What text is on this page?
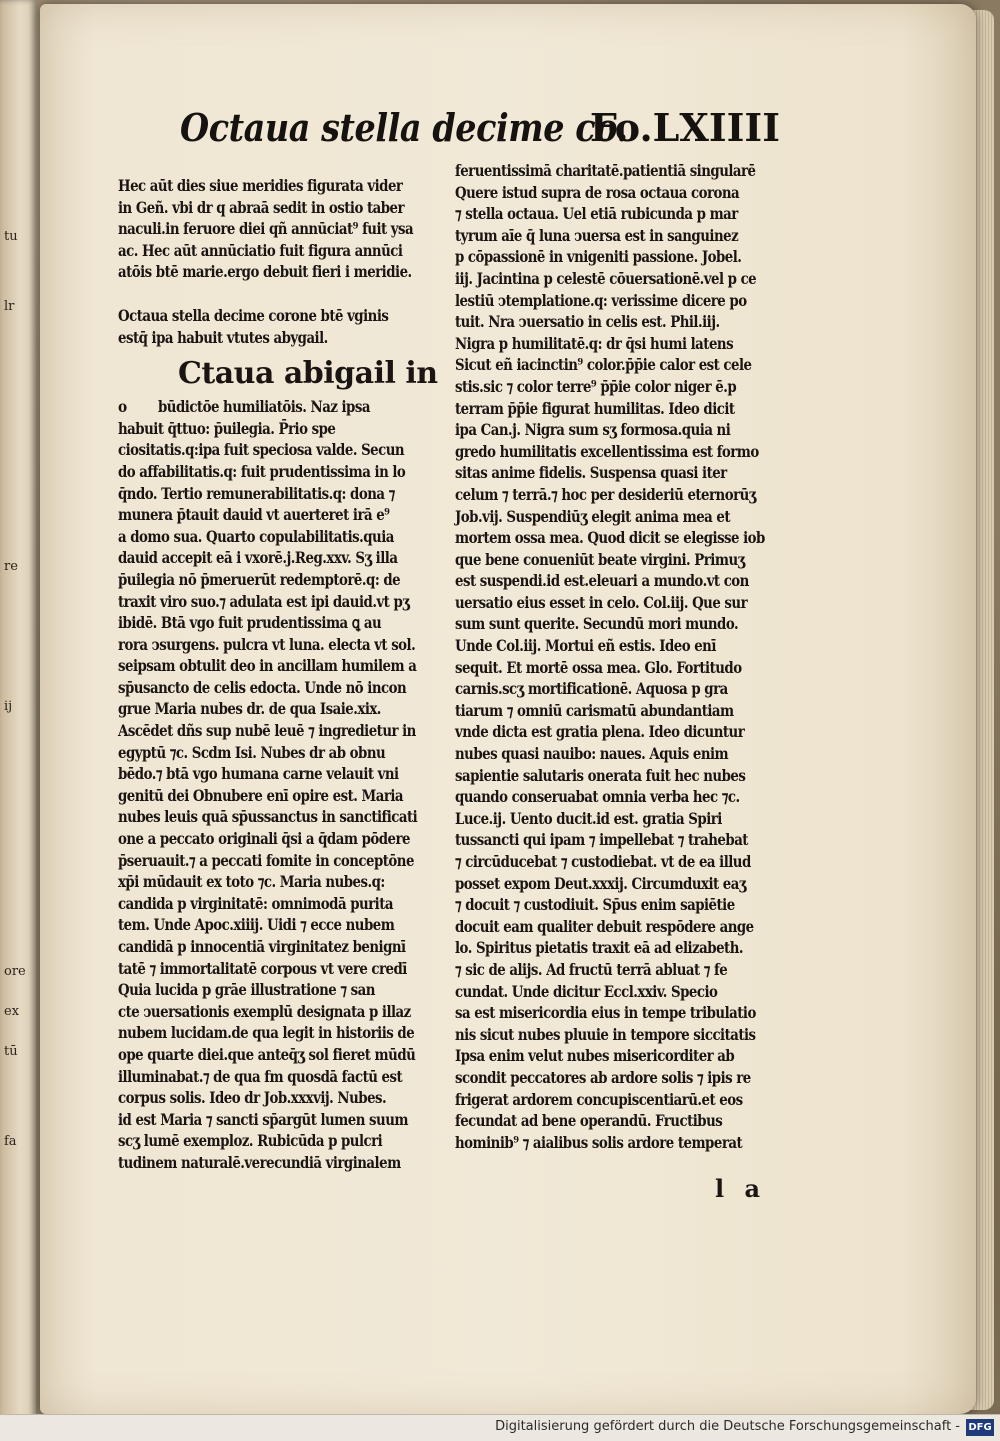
tu
lr
re
ij
ore
ex
tū
fa
Octaua stella decime co.
Fo.LXIIII
Hec aūt dies siue meridies figurata vider
in Geñ. vbi dr q abraā sedit in ostio taber
naculi.in feruore diei qñ annūciat⁹ fuit ysa
ac. Hec aūt annūciatio fuit figura annūci
atōis btē marie.ergo debuit fieri i meridie.
Octaua stella decime corone btē vginis
estq̄ ipa habuit vtutes abygail.
Ctaua abigail in
o būdictōe humiliatōis. Naz ipsa
habuit q̄ttuo: p̄uilegia. P̄rio spe
ciositatis.q:ipa fuit speciosa valde. Secun
do affabilitatis.q: fuit prudentissima in lo
q̄ndo. Tertio remunerabilitatis.q: dona ⁊
munera p̄tauit dauid vt auerteret irā e⁹
a domo sua. Quarto copulabilitatis.quia
dauid accepit eā i vxorē.j.Reg.xxv. Sʒ illa
p̄uilegia nō p̄meruerūt redemptorē.q: de
traxit viro suo.⁊ adulata est ipi dauid.vt pʒ
ibidē. Btā vgo fuit prudentissima ꝗ au
rora ↄsurgens. pulcra vt luna. electa vt sol.
seipsam obtulit deo in ancillam humilem a
sp̄usancto de celis edocta. Unde nō incon
grue Maria nubes dr. de qua Isaie.xix.
Ascēdet dñs sup nubē leuē ⁊ ingredietur in
egyptū ⁊c. Scdm Isi. Nubes dr ab obnu
bēdo.⁊ btā vgo humana carne velauit vni
genitū dei Obnubere enī opire est. Maria
nubes leuis quā sp̄ussanctus in sanctificati
one a peccato originali q̄si a q̄dam pōdere
p̄seruauit.⁊ a peccati fomite in conceptōne
xp̄i mūdauit ex toto ⁊c. Maria nubes.q:
candida p virginitatē: omnimodā purita
tem. Unde Apoc.xiiij. Uidi ⁊ ecce nubem
candidā p innocentiā virginitatez benignī
tatē ⁊ immortalitatē corpous vt vere credī
Quia lucida p grāe illustratione ⁊ san
cte ↄuersationis exemplū designata p illaz
nubem lucidam.de qua legit in historiis de
ope quarte diei.que anteq̄ʒ sol fieret mūdū
illuminabat.⁊ de qua fm quosdā factū est
corpus solis. Ideo dr Job.xxxvij. Nubes.
id est Maria ⁊ sancti sp̄argūt lumen suum
scʒ lumē exemploz. Rubicūda p pulcri
tudinem naturalē.verecundiā virginalem
feruentissimā charitatē.patientiā singularē
Quere istud supra de rosa octaua corona
⁊ stella octaua. Uel etiā rubicunda p mar
tyrum aīe q̄ luna ↄuersa est in sanguinez
p cōpassionē in vnigeniti passione. Jobel.
iij. Jacintina p celestē cōuersationē.vel p ce
lestiū ↄtemplatione.q: verissime dicere po
tuit. Nra ↄuersatio in celis est. Phil.iij.
Nigra p humilitatē.q: dr q̄si humi latens
Sicut eñ iacinctin⁹ color.p̄p̄ie calor est cele
stis.sic ⁊ color terre⁹ p̄p̄ie color niger ē.p
terram p̄p̄ie figurat humilitas. Ideo dicit
ipa Can.j. Nigra sum sʒ formosa.quia ni
gredo humilitatis excellentissima est formo
sitas anime fidelis. Suspensa quasi iter
celum ⁊ terrā.⁊ hoc per desideriū eternorūʒ
Job.vij. Suspendiūʒ elegit anima mea et
mortem ossa mea. Quod dicit se elegisse iob
que bene conueniūt beate virgini. Primuʒ
est suspendi.id est.eleuari a mundo.vt con
uersatio eius esset in celo. Col.iij. Que sur
sum sunt querite. Secundū mori mundo.
Unde Col.iij. Mortui eñ estis. Ideo enī
sequit. Et mortē ossa mea. Glo. Fortitudo
carnis.scʒ mortificationē. Aquosa p gra
tiarum ⁊ omniū carismatū abundantiam
vnde dicta est gratia plena. Ideo dicuntur
nubes quasi nauibo: naues. Aquis enim
sapientie salutaris onerata fuit hec nubes
quando conseruabat omnia verba hec ⁊c.
Luce.ij. Uento ducit.id est. gratia Spiri
tussancti qui ipam ⁊ impellebat ⁊ trahebat
⁊ circūducebat ⁊ custodiebat. vt de ea illud
posset expom Deut.xxxij. Circumduxit eaʒ
⁊ docuit ⁊ custodiuit. Sp̄us enim sapiētie
docuit eam qualiter debuit respōdere ange
lo. Spiritus pietatis traxit eā ad elizabeth.
⁊ sic de alijs. Ad fructū terrā abluat ⁊ fe
cundat. Unde dicitur Eccl.xxiv. Specio
sa est misericordia eius in tempe tribulatio
nis sicut nubes pluuie in tempore siccitatis
Ipsa enim velut nubes misericorditer ab
scondit peccatores ab ardore solis ⁊ ipis re
frigerat ardorem concupiscentiarū.et eos
fecundat ad bene operandū. Fructibus
hominib⁹ ⁊ aialibus solis ardore temperat
l a
Digitalisierung gefördert durch die Deutsche Forschungsgemeinschaft - DFG
